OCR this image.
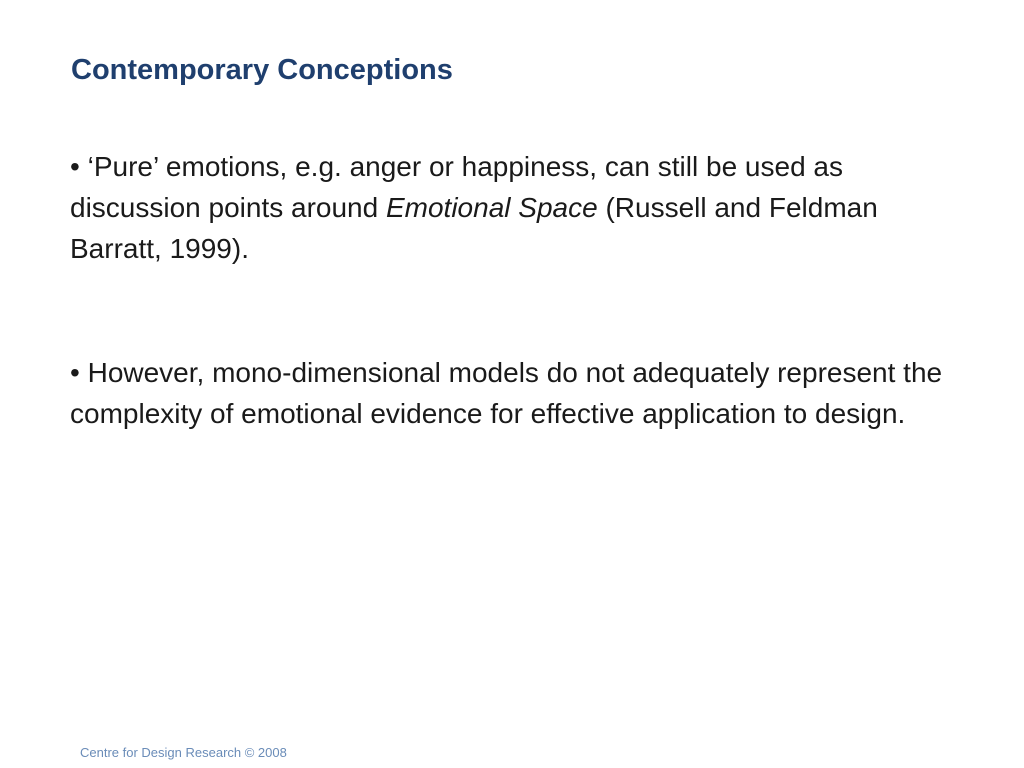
Contemporary Conceptions

• ‘Pure’ emotions, e.g. anger or happiness, can still be used as discussion points around Emotional Space (Russell and Feldman Barratt, 1999).

• However, mono-dimensional models do not adequately represent the complexity of emotional evidence for effective application to design.

Centre for Design Research © 2008
